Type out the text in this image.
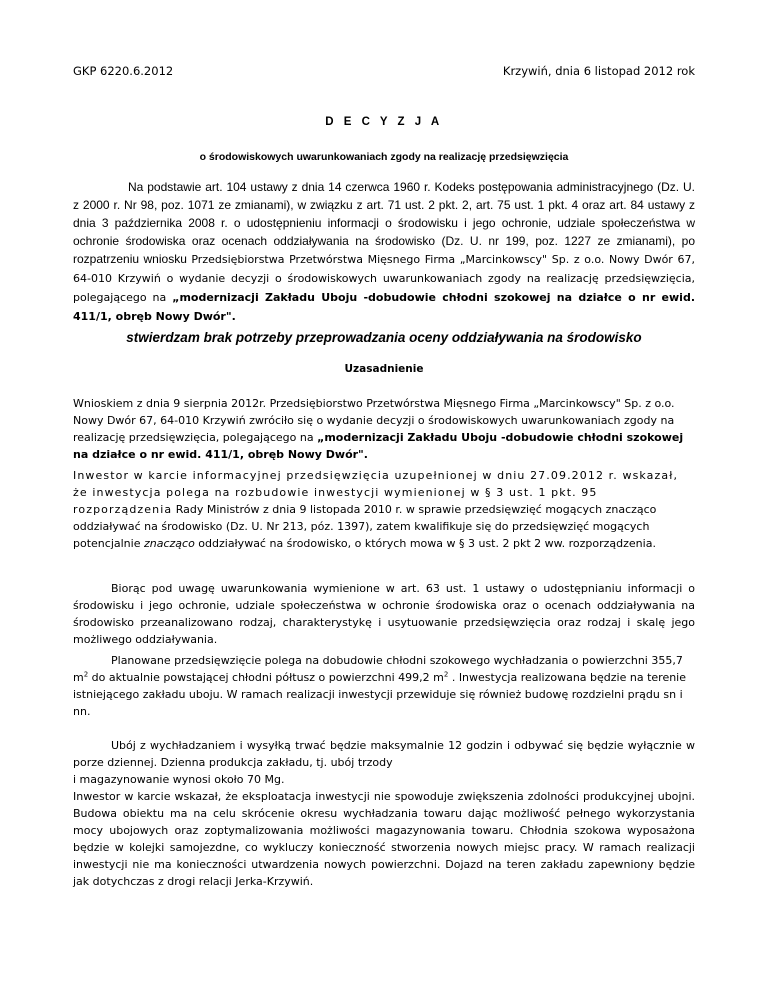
GKP 6220.6.2012	Krzywiń, dnia 6 listopad 2012 rok

D E C Y Z J A

o środowiskowych uwarunkowaniach zgody na realizację przedsięwzięcia

Na podstawie art. 104 ustawy z dnia 14 czerwca 1960 r. Kodeks postępowania administracyjnego (Dz. U. z 2000 r. Nr 98, poz. 1071 ze zmianami), w związku z art. 71 ust. 2 pkt. 2, art. 75 ust. 1 pkt. 4 oraz art. 84 ustawy z dnia 3 października 2008 r. o udostępnieniu informacji o środowisku i jego ochronie, udziale społeczeństwa w ochronie środowiska oraz ocenach oddziaływania na środowisko (Dz. U. nr 199, poz. 1227 ze zmianami), po rozpatrzeniu wniosku Przedsiębiorstwa Przetwórstwa Mięsnego Firma „Marcinkowscy" Sp. z o.o. Nowy Dwór 67, 64-010 Krzywiń o wydanie decyzji o środowiskowych uwarunkowaniach zgody na realizację przedsięwzięcia, polegającego na „modernizacji Zakładu Uboju -dobudowie chłodni szokowej na działce o nr ewid. 411/1, obręb Nowy Dwór".

stwierdzam brak potrzeby przeprowadzania oceny oddziaływania na środowisko

Uzasadnienie

Wnioskiem z dnia 9 sierpnia 2012r. Przedsiębiorstwo Przetwórstwa Mięsnego Firma „Marcinkowscy" Sp. z o.o. Nowy Dwór 67, 64-010 Krzywiń zwróciło się o wydanie decyzji o środowiskowych uwarunkowaniach zgody na realizację przedsięwzięcia, polegającego na „modernizacji Zakładu Uboju -dobudowie chłodni szokowej na działce o nr ewid. 411/1, obręb Nowy Dwór".

Inwestor w karcie informacyjnej przedsięwzięcia uzupełnionej w dniu 27.09.2012 r. wskazał, że inwestycja polega na rozbudowie inwestycji wymienionej w § 3 ust. 1 pkt. 95 rozporządzenia Rady Ministrów z dnia 9 listopada 2010 r. w sprawie przedsięwzięć mogących znacząco oddziaływać na środowisko (Dz. U. Nr 213, póz. 1397), zatem kwalifikuje się do przedsięwzięć mogących potencjalnie znacząco oddziaływać na środowisko, o których mowa w § 3 ust. 2 pkt 2 ww. rozporządzenia.

Biorąc pod uwagę uwarunkowania wymienione w art. 63 ust. 1 ustawy o udostępnianiu informacji o środowisku i jego ochronie, udziale społeczeństwa w ochronie środowiska oraz o ocenach oddziaływania na środowisko przeanalizowano rodzaj, charakterystykę i usytuowanie przedsięwzięcia oraz rodzaj i skalę jego możliwego oddziaływania.

Planowane przedsięwzięcie polega na dobudowie chłodni szokowego wychładzania o powierzchni 355,7 $m^2$ do aktualnie powstającej chłodni półtusz o powierzchni 499,2 $m^2$ . Inwestycja realizowana będzie na terenie istniejącego zakładu uboju. W ramach realizacji inwestycji przewiduje się również budowę rozdzielni prądu sn i nn.

Ubój z wychładzaniem i wysyłką trwać będzie maksymalnie 12 godzin i odbywać się będzie wyłącznie w porze dziennej. Dzienna produkcja zakładu, tj. ubój trzody
i magazynowanie wynosi około 70 Mg.
Inwestor w karcie wskazał, że eksploatacja inwestycji nie spowoduje zwiększenia zdolności produkcyjnej ubojni. Budowa obiektu ma na celu skrócenie okresu wychładzania towaru dając możliwość pełnego wykorzystania mocy ubojowych oraz zoptymalizowania możliwości magazynowania towaru. Chłodnia szokowa wyposażona będzie w kolejki samojezdne, co wykluczy konieczność stworzenia nowych miejsc pracy. W ramach realizacji inwestycji nie ma konieczności utwardzenia nowych powierzchni. Dojazd na teren zakładu zapewniony będzie jak dotychczas z drogi relacji Jerka-Krzywiń.
